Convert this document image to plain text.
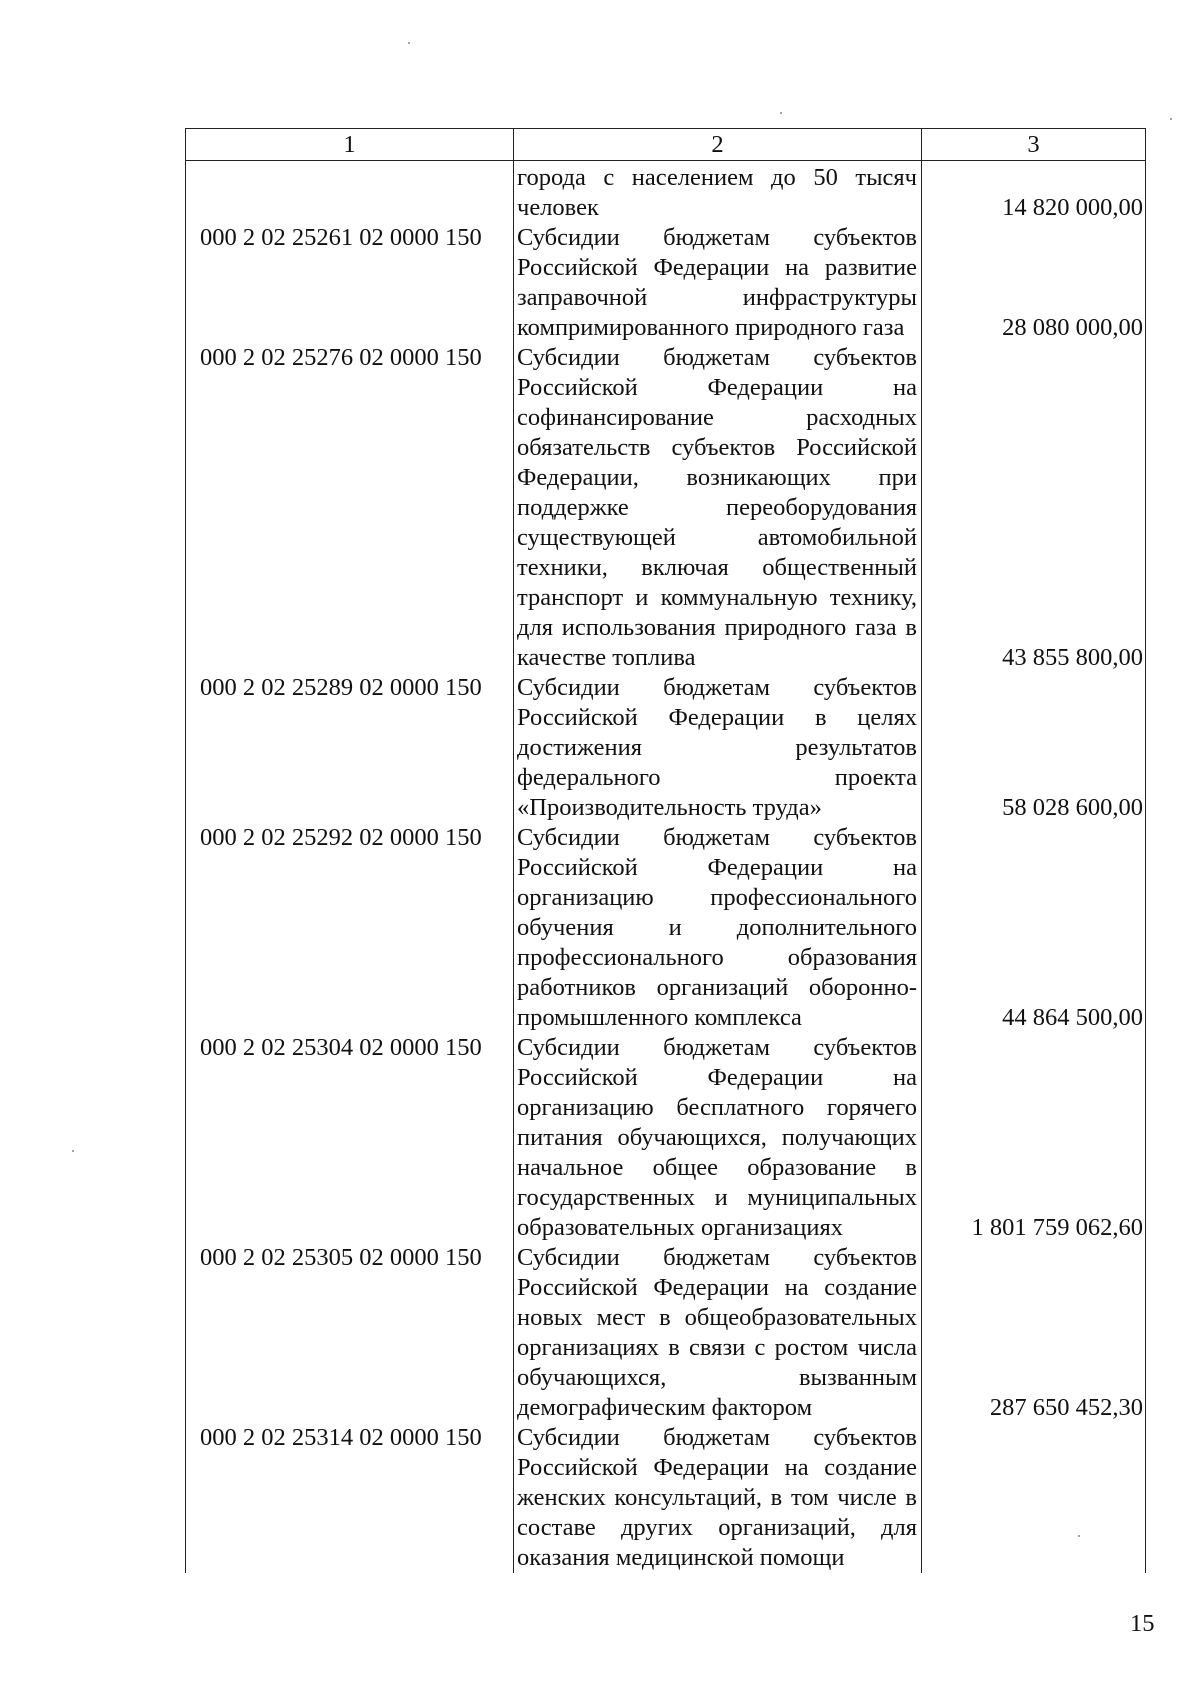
1	2	3
	города с населением до 50 тысяч человек	14 820 000,00
000 2 02 25261 02 0000 150	Субсидии бюджетам субъектов Российской Федерации на развитие заправочной инфраструктуры компримированного природного газа	28 080 000,00
000 2 02 25276 02 0000 150	Субсидии бюджетам субъектов Российской Федерации на софинансирование расходных обязательств субъектов Российской Федерации, возникающих при поддержке переоборудования существующей автомобильной техники, включая общественный транспорт и коммунальную технику, для использования природного газа в качестве топлива	43 855 800,00
000 2 02 25289 02 0000 150	Субсидии бюджетам субъектов Российской Федерации в целях достижения результатов федерального проекта «Производительность труда»	58 028 600,00
000 2 02 25292 02 0000 150	Субсидии бюджетам субъектов Российской Федерации на организацию профессионального обучения и дополнительного профессионального образования работников организаций оборонно-промышленного комплекса	44 864 500,00
000 2 02 25304 02 0000 150	Субсидии бюджетам субъектов Российской Федерации на организацию бесплатного горячего питания обучающихся, получающих начальное общее образование в государственных и муниципальных образовательных организациях	1 801 759 062,60
000 2 02 25305 02 0000 150	Субсидии бюджетам субъектов Российской Федерации на создание новых мест в общеобразовательных организациях в связи с ростом числа обучающихся, вызванным демографическим фактором	287 650 452,30
000 2 02 25314 02 0000 150	Субсидии бюджетам субъектов Российской Федерации на создание женских консультаций, в том числе в составе других организаций, для оказания медицинской помощи	
15
